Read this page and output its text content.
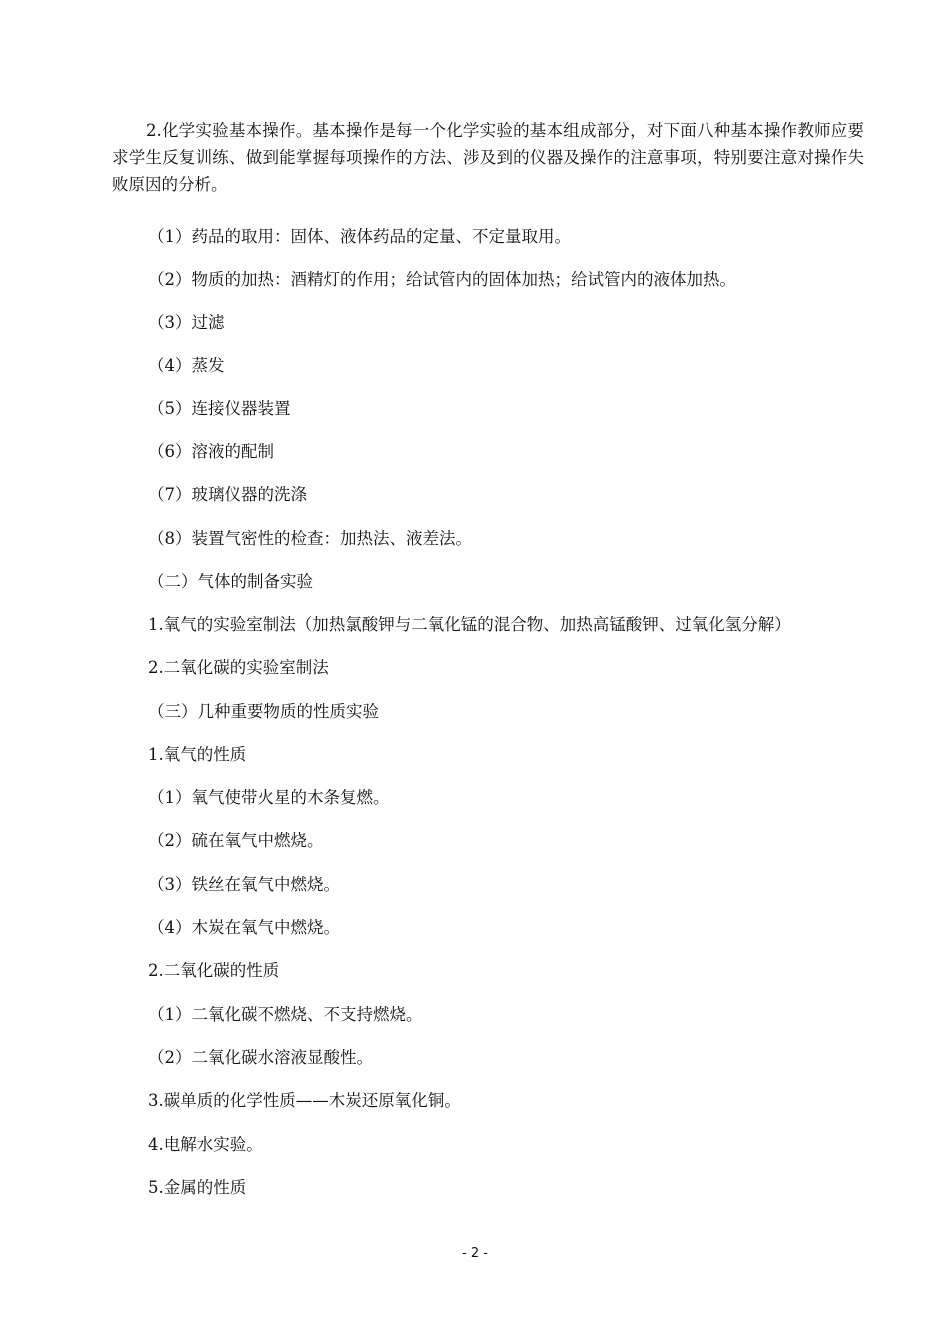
2.化学实验基本操作。基本操作是每一个化学实验的基本组成部分，对下面八种基本操作教师应要求学生反复训练、做到能掌握每项操作的方法、涉及到的仪器及操作的注意事项，特别要注意对操作失败原因的分析。

（1）药品的取用：固体、液体药品的定量、不定量取用。

（2）物质的加热：酒精灯的作用；给试管内的固体加热；给试管内的液体加热。

（3）过滤

（4）蒸发

（5）连接仪器装置

（6）溶液的配制

（7）玻璃仪器的洗涤

（8）装置气密性的检查：加热法、液差法。

（二）气体的制备实验

1.氧气的实验室制法（加热氯酸钾与二氧化锰的混合物、加热高锰酸钾、过氧化氢分解）

2.二氧化碳的实验室制法

（三）几种重要物质的性质实验

1.氧气的性质

（1）氧气使带火星的木条复燃。

（2）硫在氧气中燃烧。

（3）铁丝在氧气中燃烧。

（4）木炭在氧气中燃烧。

2.二氧化碳的性质

（1）二氧化碳不燃烧、不支持燃烧。

（2）二氧化碳水溶液显酸性。

3.碳单质的化学性质——木炭还原氧化铜。

4.电解水实验。

5.金属的性质

- 2 -
